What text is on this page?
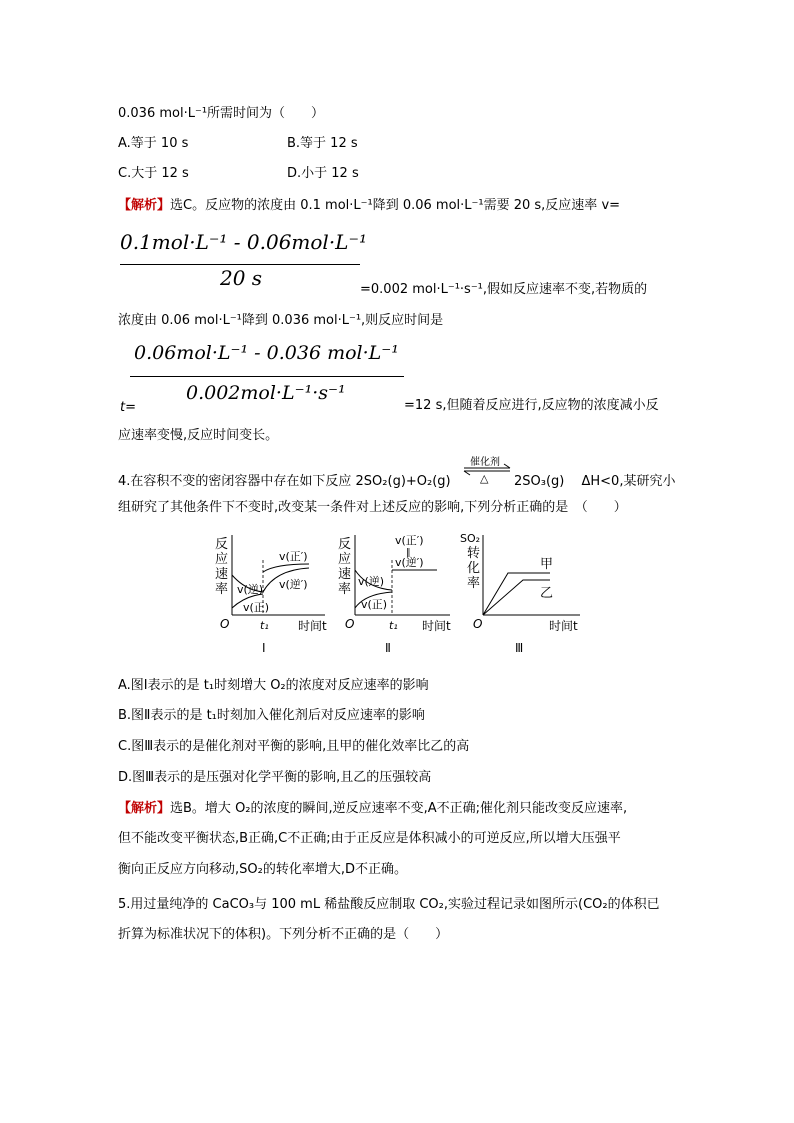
0.036 mol·L⁻¹所需时间为（　　）
A.等于 10 s	B.等于 12 s
C.大于 12 s	D.小于 12 s
【解析】选C。反应物的浓度由 0.1 mol·L⁻¹降到 0.06 mol·L⁻¹需要 20 s,反应速率 v=
0.1mol·L⁻¹ - 0.06mol·L⁻¹
20 s	=0.002 mol·L⁻¹·s⁻¹,假如反应速率不变,若物质的
浓度由 0.06 mol·L⁻¹降到 0.036 mol·L⁻¹,则反应时间是
0.06mol·L⁻¹ - 0.036 mol·L⁻¹
0.002mol·L⁻¹·s⁻¹
t=	=12 s,但随着反应进行,反应物的浓度减小反
应速率变慢,反应时间变长。
4.在容积不变的密闭容器中存在如下反应 2SO₂(g)+O₂(g)
催化剂
△ 2SO₃(g)　 ΔH<0,某研究小
组研究了其他条件下不变时,改变某一条件对上述反应的影响,下列分析正确的是　（　　）
反
应
速
率 v(逆)
v(正)
v(正′)
v(逆′)
O	t₁ 时间t
Ⅰ
反
应
速
率
v(逆)
v(正)
v(正′)
‖
v(逆′)
O	t₁ 时间t
Ⅱ
SO₂
转
化
率
甲
乙
O	时间t
Ⅲ
A.图Ⅰ表示的是 t₁时刻增大 O₂的浓度对反应速率的影响
B.图Ⅱ表示的是 t₁时刻加入催化剂后对反应速率的影响
C.图Ⅲ表示的是催化剂对平衡的影响,且甲的催化效率比乙的高
D.图Ⅲ表示的是压强对化学平衡的影响,且乙的压强较高
【解析】选B。增大 O₂的浓度的瞬间,逆反应速率不变,A不正确;催化剂只能改变反应速率,
但不能改变平衡状态,B正确,C不正确;由于正反应是体积减小的可逆反应,所以增大压强平
衡向正反应方向移动,SO₂的转化率增大,D不正确。
5.用过量纯净的 CaCO₃与 100 mL 稀盐酸反应制取 CO₂,实验过程记录如图所示(CO₂的体积已
折算为标准状况下的体积)。下列分析不正确的是（　　）
